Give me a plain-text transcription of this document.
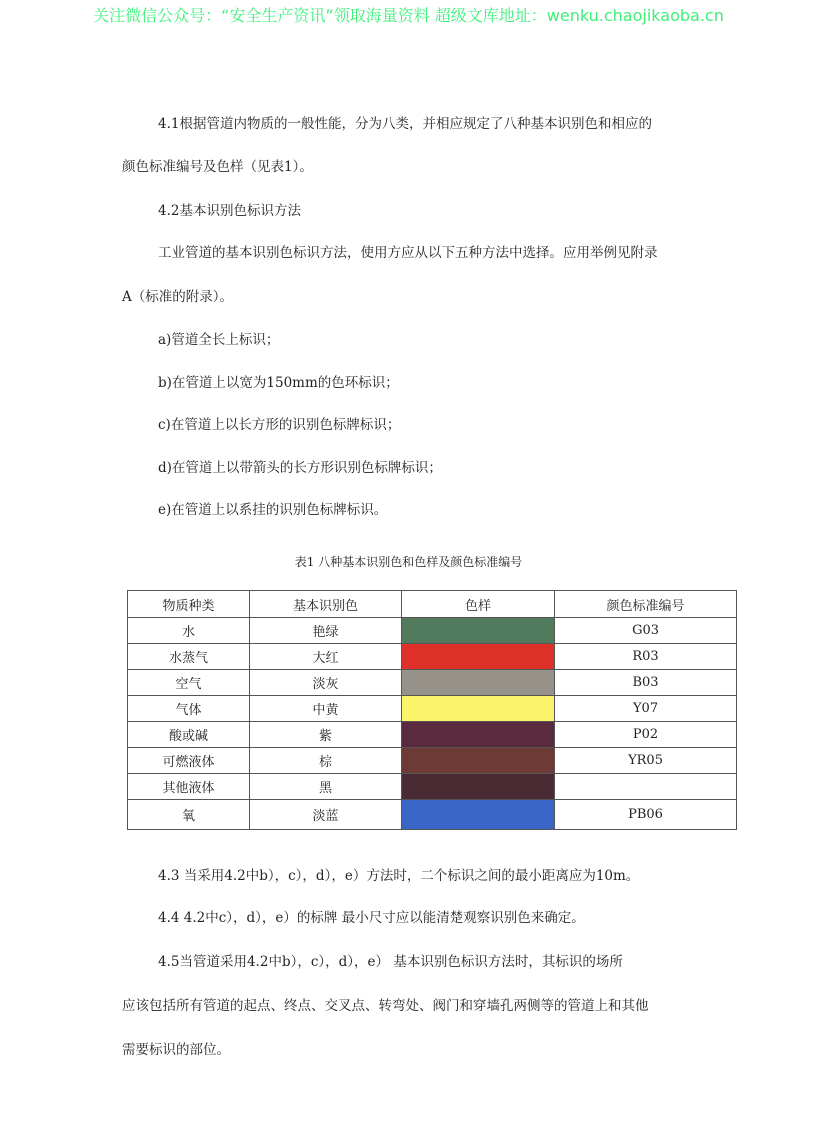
关注微信公众号：“安全生产资讯”领取海量资料 超级文库地址：wenku.chaojikaoba.cn
4.1根据管道内物质的一般性能，分为八类，并相应规定了八种基本识别色和相应的
颜色标准编号及色样（见表1）。
4.2基本识别色标识方法
工业管道的基本识别色标识方法，使用方应从以下五种方法中选择。应用举例见附录
A（标准的附录）。
a)管道全长上标识；
b)在管道上以宽为150mm的色环标识；
c)在管道上以长方形的识别色标牌标识；
d)在管道上以带箭头的长方形识别色标牌标识；
e)在管道上以系挂的识别色标牌标识。
表1 八种基本识别色和色样及颜色标准编号
物质种类	基本识别色	色样	颜色标准编号
水	艳绿		G03
水蒸气	大红		R03
空气	淡灰		B03
气体	中黄		Y07
酸或碱	紫		P02
可燃液体	棕		YR05
其他液体	黑		
氧	淡蓝		PB06
4.3 当采用4.2中b），c），d），e）方法时，二个标识之间的最小距离应为10m。
4.4 4.2中c），d），e）的标牌 最小尺寸应以能清楚观察识别色来确定。
4.5当管道采用4.2中b），c），d），e） 基本识别色标识方法时，其标识的场所
应该包括所有管道的起点、终点、交叉点、转弯处、阀门和穿墙孔两侧等的管道上和其他
需要标识的部位。
